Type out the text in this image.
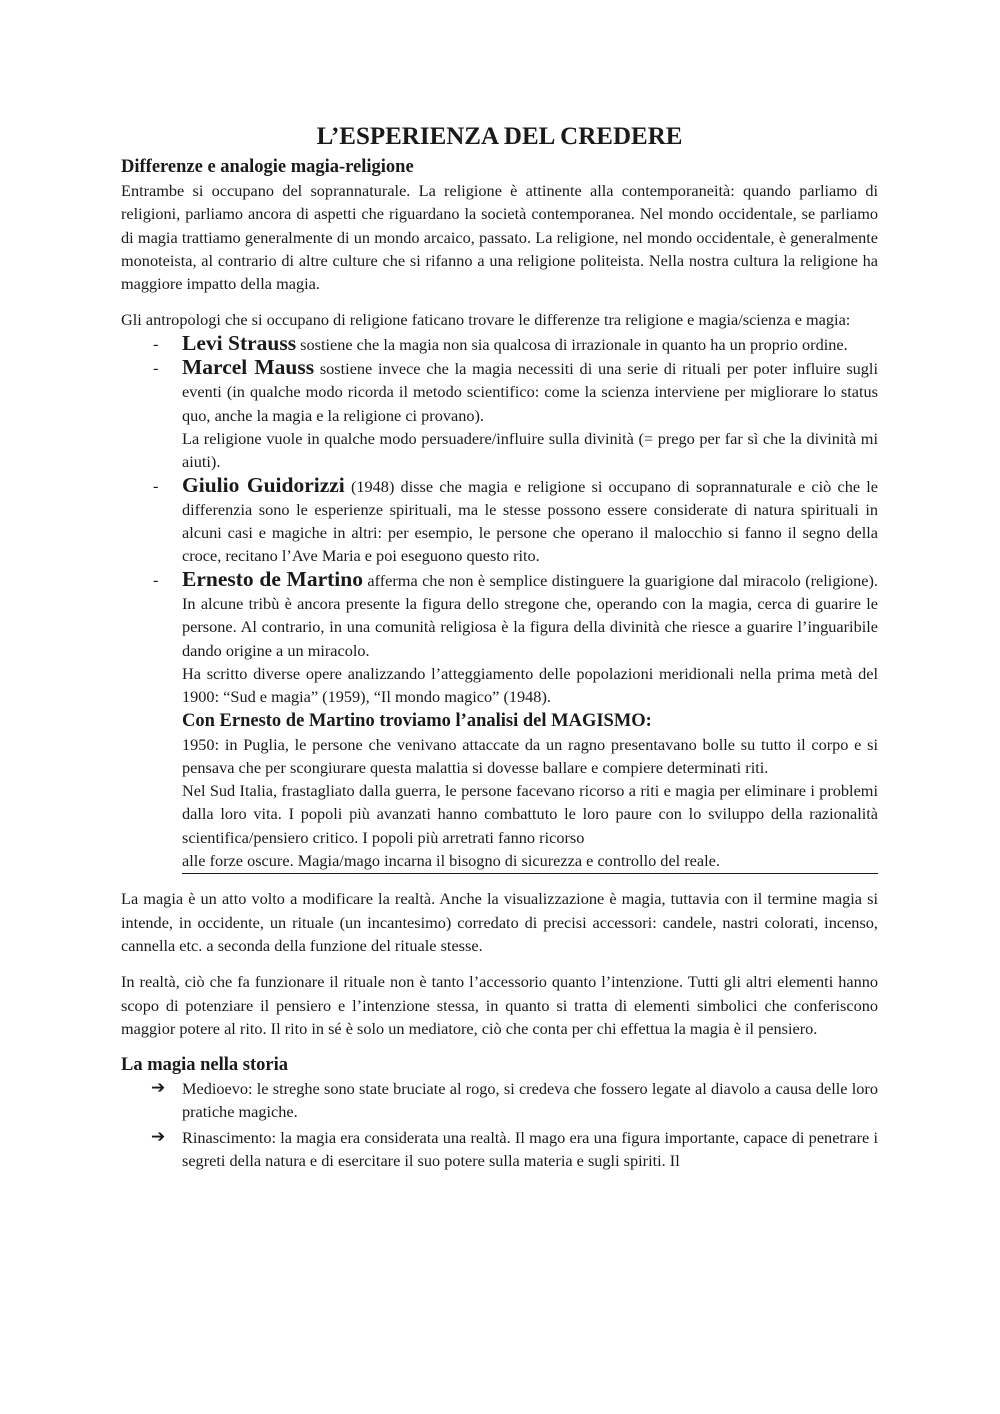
L’ESPERIENZA DEL CREDERE
Differenze e analogie magia-religione

Entrambe si occupano del soprannaturale. La religione è attinente alla contemporaneità: quando parliamo di religioni, parliamo ancora di aspetti che riguardano la società contemporanea. Nel mondo occidentale, se parliamo di magia trattiamo generalmente di un mondo arcaico, passato. La religione, nel mondo occidentale, è generalmente monoteista, al contrario di altre culture che si rifanno a una religione politeista. Nella nostra cultura la religione ha maggiore impatto della magia.

Gli antropologi che si occupano di religione faticano trovare le differenze tra religione e magia/scienza e magia:

- Levi Strauss sostiene che la magia non sia qualcosa di irrazionale in quanto ha un proprio ordine.
- Marcel Mauss sostiene invece che la magia necessiti di una serie di rituali per poter influire sugli eventi (in qualche modo ricorda il metodo scientifico: come la scienza interviene per migliorare lo status quo, anche la magia e la religione ci provano).
La religione vuole in qualche modo persuadere/influire sulla divinità (= prego per far sì che la divinità mi aiuti).
- Giulio Guidorizzi (1948) disse che magia e religione si occupano di soprannaturale e ciò che le differenzia sono le esperienze spirituali, ma le stesse possono essere considerate di natura spirituali in alcuni casi e magiche in altri: per esempio, le persone che operano il malocchio si fanno il segno della croce, recitano l’Ave Maria e poi eseguono questo rito.
- Ernesto de Martino afferma che non è semplice distinguere la guarigione dal miracolo (religione). In alcune tribù è ancora presente la figura dello stregone che, operando con la magia, cerca di guarire le persone. Al contrario, in una comunità religiosa è la figura della divinità che riesce a guarire l’inguaribile dando origine a un miracolo.
Ha scritto diverse opere analizzando l’atteggiamento delle popolazioni meridionali nella prima metà del 1900: “Sud e magia” (1959), “Il mondo magico” (1948).
Con Ernesto de Martino troviamo l’analisi del MAGISMO:
1950: in Puglia, le persone che venivano attaccate da un ragno presentavano bolle su tutto il corpo e si pensava che per scongiurare questa malattia si dovesse ballare e compiere determinati riti.
Nel Sud Italia, frastagliato dalla guerra, le persone facevano ricorso a riti e magia per eliminare i problemi dalla loro vita. I popoli più avanzati hanno combattuto le loro paure con lo sviluppo della razionalità scientifica/pensiero critico. I popoli più arretrati fanno ricorso
alle forze oscure. Magia/mago incarna il bisogno di sicurezza e controllo del reale.

La magia è un atto volto a modificare la realtà. Anche la visualizzazione è magia, tuttavia con il termine magia si intende, in occidente, un rituale (un incantesimo) corredato di precisi accessori: candele, nastri colorati, incenso, cannella etc. a seconda della funzione del rituale stesse.

In realtà, ciò che fa funzionare il rituale non è tanto l’accessorio quanto l’intenzione. Tutti gli altri elementi hanno scopo di potenziare il pensiero e l’intenzione stessa, in quanto si tratta di elementi simbolici che conferiscono maggior potere al rito. Il rito in sé è solo un mediatore, ciò che conta per chi effettua la magia è il pensiero.

La magia nella storia
➔ Medioevo: le streghe sono state bruciate al rogo, si credeva che fossero legate al diavolo a causa delle loro pratiche magiche.
➔ Rinascimento: la magia era considerata una realtà. Il mago era una figura importante, capace di penetrare i segreti della natura e di esercitare il suo potere sulla materia e sugli spiriti. Il
